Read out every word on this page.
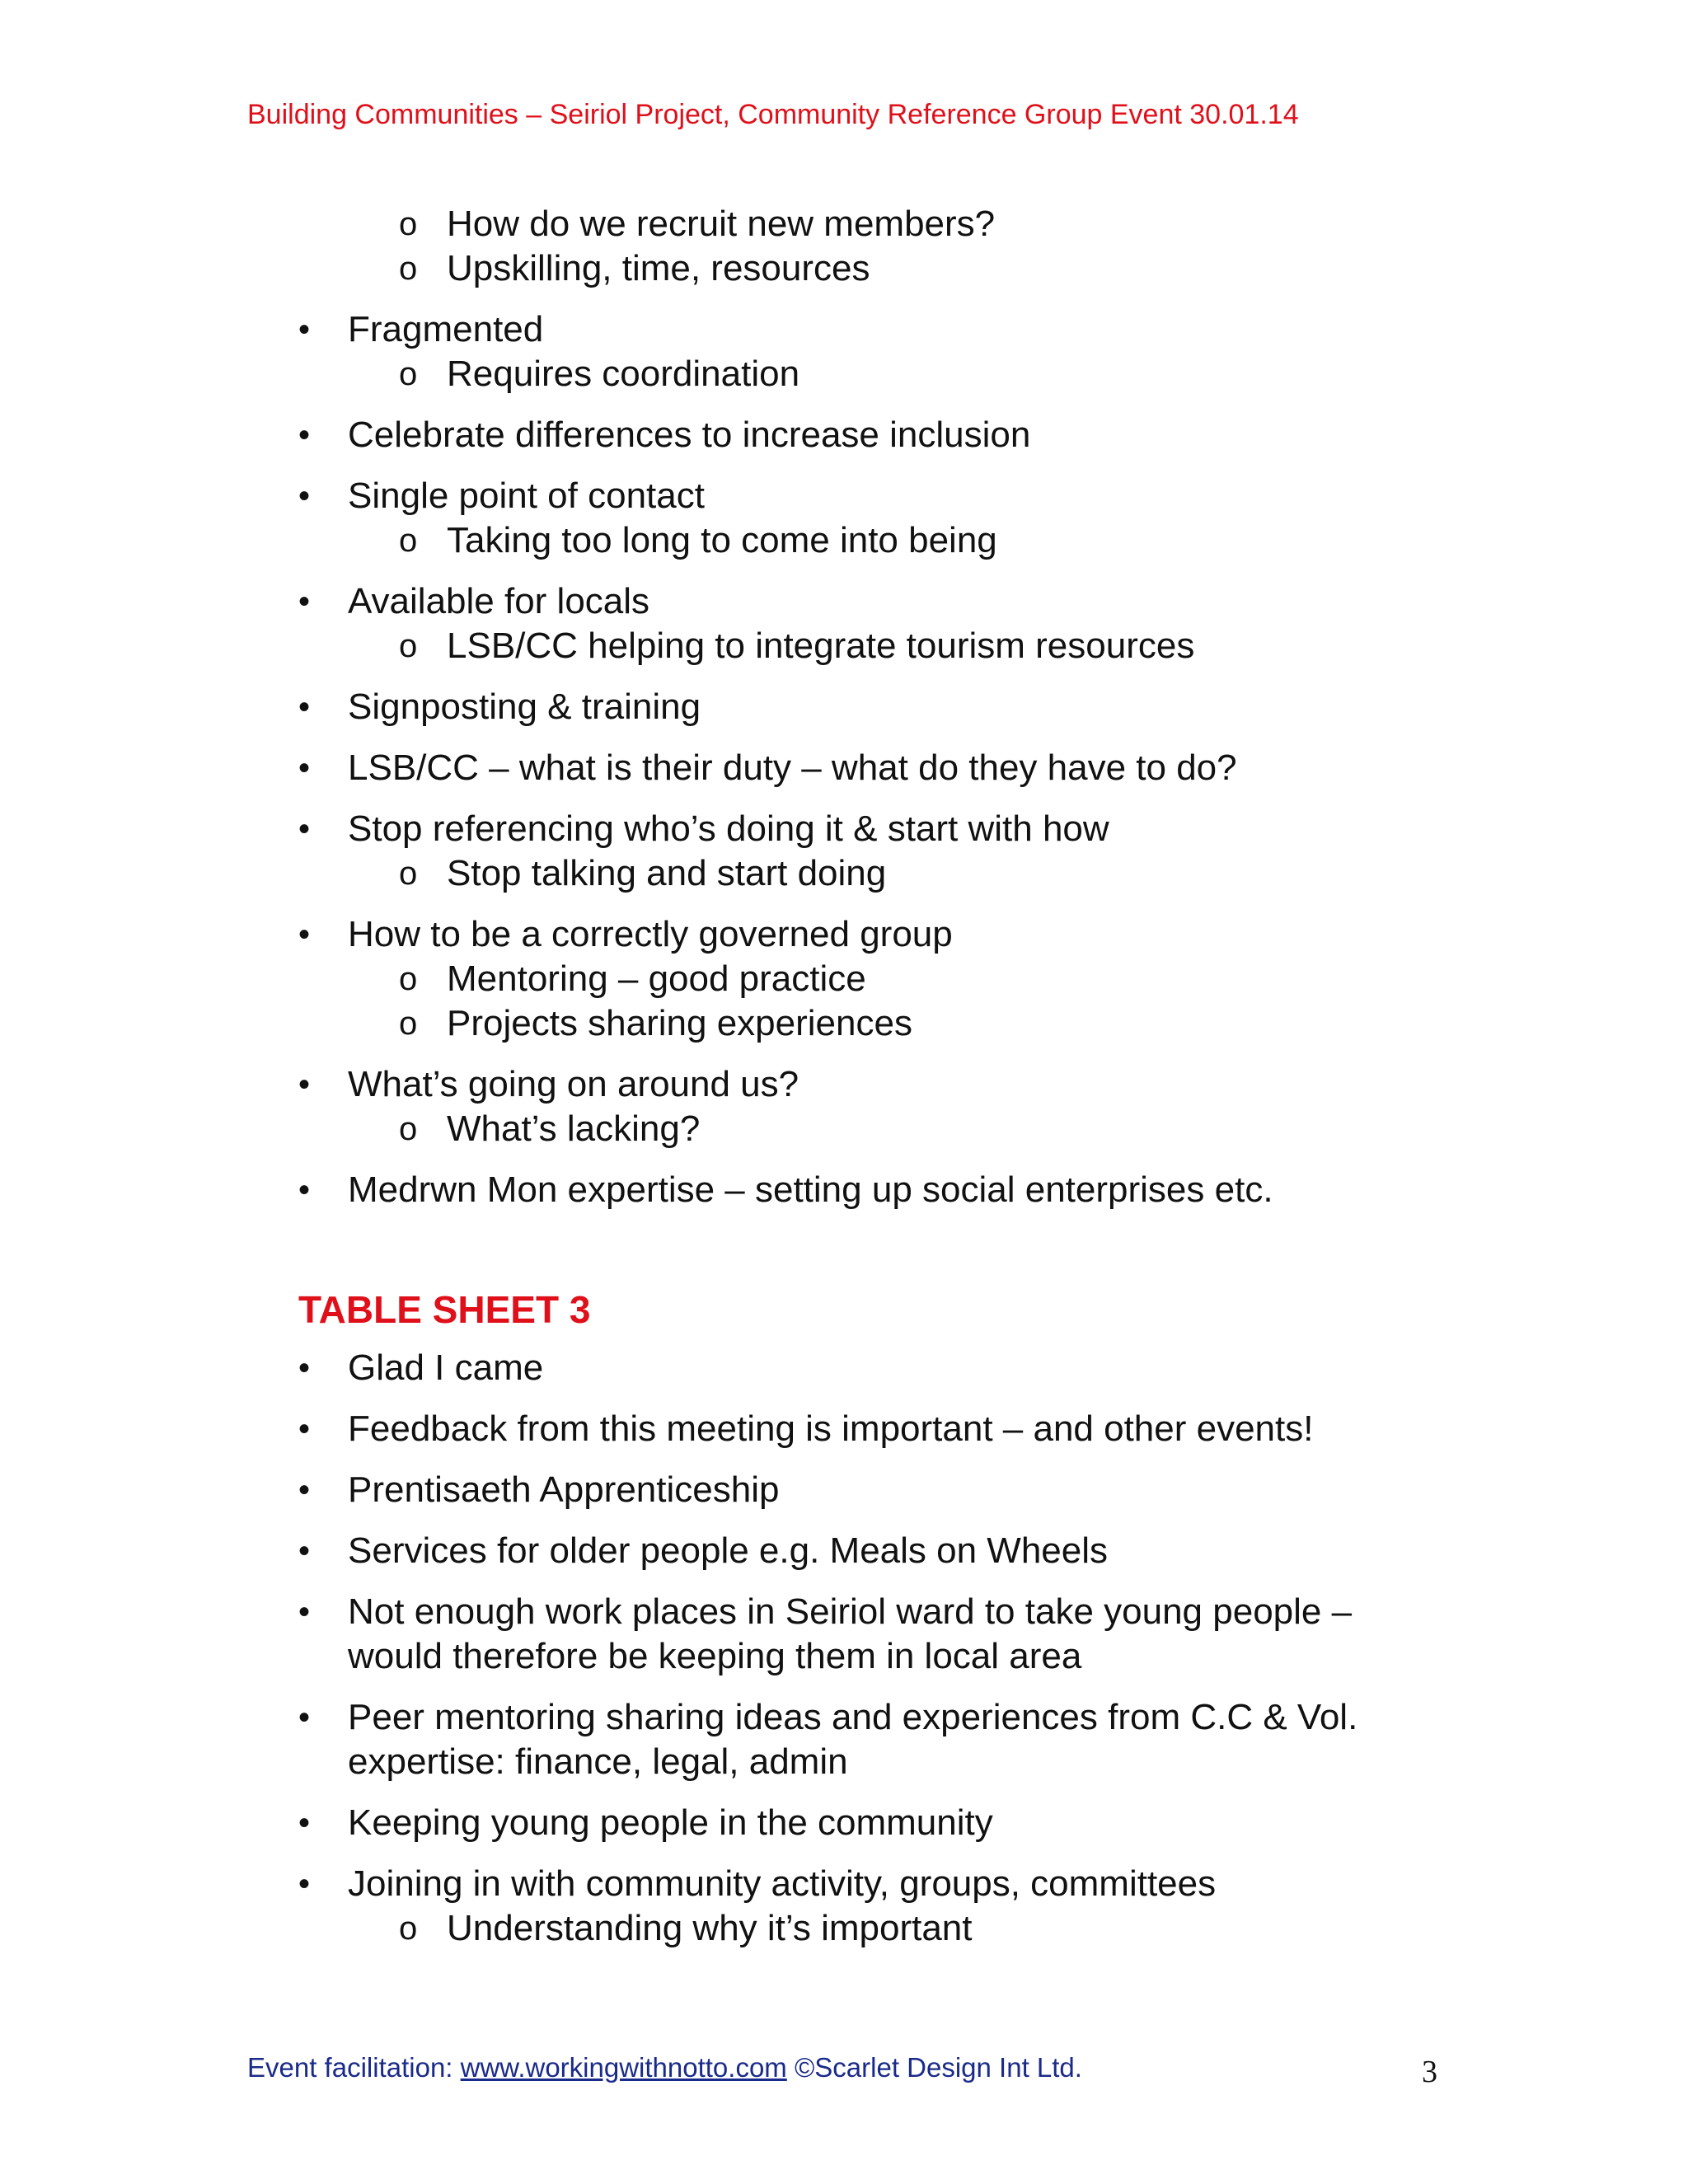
Building Communities – Seiriol Project, Community Reference Group Event 30.01.14
o How do we recruit new members?
o Upskilling, time, resources
• Fragmented
o Requires coordination
• Celebrate differences to increase inclusion
• Single point of contact
o Taking too long to come into being
• Available for locals
o LSB/CC helping to integrate tourism resources
• Signposting & training
• LSB/CC – what is their duty – what do they have to do?
• Stop referencing who’s doing it & start with how
o Stop talking and start doing
• How to be a correctly governed group
o Mentoring – good practice
o Projects sharing experiences
• What’s going on around us?
o What’s lacking?
• Medrwn Mon expertise – setting up social enterprises etc.
TABLE SHEET 3
• Glad I came
• Feedback from this meeting is important – and other events!
• Prentisaeth Apprenticeship
• Services for older people e.g. Meals on Wheels
• Not enough work places in Seiriol ward to take young people –
would therefore be keeping them in local area
• Peer mentoring sharing ideas and experiences from C.C & Vol.
expertise: finance, legal, admin
• Keeping young people in the community
• Joining in with community activity, groups, committees
o Understanding why it’s important
Event facilitation: www.workingwithnotto.com ©Scarlet Design Int Ltd.	3
